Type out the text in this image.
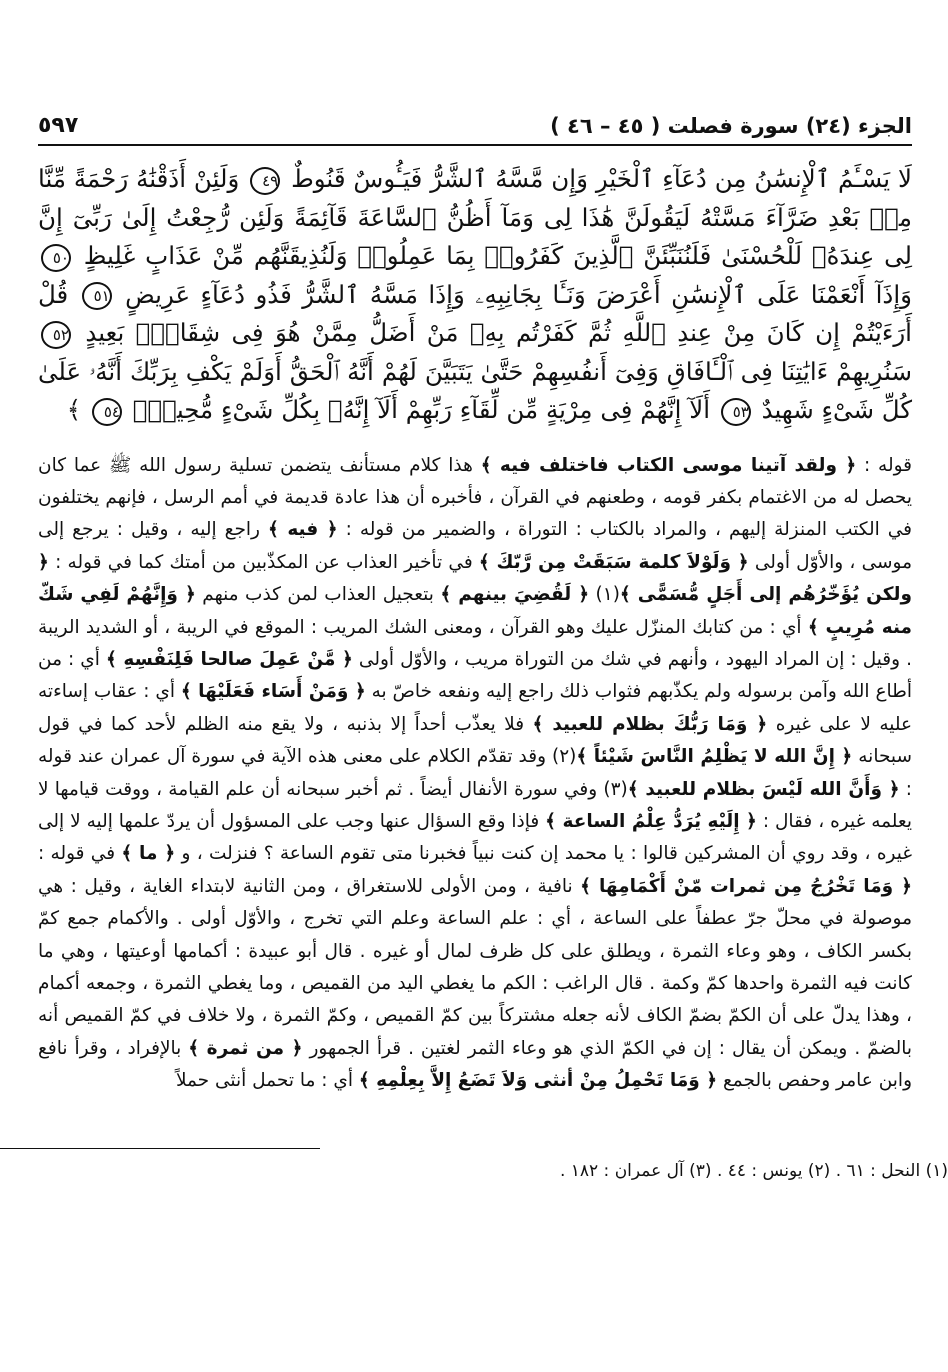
الجزء (٢٤) سورة فصلت ( ٤٥ – ٤٦ )
٥٩٧
لَا يَسْـَٔمُ ٱلْإِنسَٰنُ مِن دُعَآءِ ٱلْخَيْرِ وَإِن مَّسَّهُ ٱلشَّرُّ فَيَـُٔوسٌ قَنُوطٌ ٤٩ وَلَئِنْ أَذَقْنَٰهُ رَحْمَةً مِّنَّا مِنۢ بَعْدِ ضَرَّآءَ مَسَّتْهُ لَيَقُولَنَّ هَٰذَا لِى وَمَآ أَظُنُّ ٱلسَّاعَةَ قَآئِمَةً وَلَئِن رُّجِعْتُ إِلَىٰ رَبِّىٓ إِنَّ لِى عِندَهُۥ لَلْحُسْنَىٰ فَلَنُنَبِّئَنَّ ٱلَّذِينَ كَفَرُوا۟ بِمَا عَمِلُوا۟ وَلَنُذِيقَنَّهُم مِّنْ عَذَابٍ غَلِيظٍ ٥٠ وَإِذَآ أَنْعَمْنَا عَلَى ٱلْإِنسَٰنِ أَعْرَضَ وَنَـَٔا بِجَانِبِهِۦ وَإِذَا مَسَّهُ ٱلشَّرُّ فَذُو دُعَآءٍ عَرِيضٍ ٥١ قُلْ أَرَءَيْتُمْ إِن كَانَ مِنْ عِندِ ٱللَّهِ ثُمَّ كَفَرْتُم بِهِۦ مَنْ أَضَلُّ مِمَّنْ هُوَ فِى شِقَاقٍۭ بَعِيدٍ ٥٢ سَنُرِيهِمْ ءَايَٰتِنَا فِى ٱلْـَٔافَاقِ وَفِىٓ أَنفُسِهِمْ حَتَّىٰ يَتَبَيَّنَ لَهُمْ أَنَّهُ ٱلْحَقُّ أَوَلَمْ يَكْفِ بِرَبِّكَ أَنَّهُۥ عَلَىٰ كُلِّ شَىْءٍ شَهِيدٌ ٥٣ أَلَآ إِنَّهُمْ فِى مِرْيَةٍ مِّن لِّقَآءِ رَبِّهِمْ أَلَآ إِنَّهُۥ بِكُلِّ شَىْءٍ مُّحِيطٌۢ ٥٤ ﴾

قوله : ﴿ ولقد آتينا موسى الكتاب فاختلف فيه ﴾ هذا كلام مستأنف يتضمن تسلية رسول الله ﷺ عما كان يحصل له من الاغتمام بكفر قومه ، وطعنهم في القرآن ، فأخبره أن هذا عادة قديمة في أمم الرسل ، فإنهم يختلفون في الكتب المنزلة إليهم ، والمراد بالكتاب : التوراة ، والضمير من قوله : ﴿ فيه ﴾ راجع إليه ، وقيل : يرجع إلى موسى ، والأوّل أولى ﴿ وَلَوْلاَ كلمة سَبَقَتْ مِن رَّبّكَ ﴾ في تأخير العذاب عن المكذّبين من أمتك كما في قوله : ﴿ ولكن يُؤَخّرُهُم إلى أَجَلٍ مُّسَمًّى ﴾(١) ﴿ لَقُضِيَ بينهم ﴾ بتعجيل العذاب لمن كذب منهم ﴿ وَإِنَّهُمْ لَفِي شَكّ منه مُرِيبٍ ﴾ أي : من كتابك المنزّل عليك وهو القرآن ، ومعنى الشك المريب : الموقع في الريبة ، أو الشديد الريبة . وقيل : إن المراد اليهود ، وأنهم في شك من التوراة مريب ، والأوّل أولى ﴿ مَّنْ عَمِلَ صالحا فَلِنَفْسِهِ ﴾ أي : من أطاع الله وآمن برسوله ولم يكذّبهم فثواب ذلك راجع إليه ونفعه خاصّ به ﴿ وَمَنْ أَسَاء فَعَلَيْهَا ﴾ أي : عقاب إساءته عليه لا على غيره ﴿ وَمَا رَبُّكَ بظلام للعبيد ﴾ فلا يعذّب أحداً إلا بذنبه ، ولا يقع منه الظلم لأحد كما في قول سبحانه ﴿ إِنَّ الله لا يَظْلِمُ النَّاسَ شَيْئاً ﴾(٢) وقد تقدّم الكلام على معنى هذه الآية في سورة آل عمران عند قوله : ﴿ وَأَنَّ الله لَيْسَ بظلام للعبيد ﴾(٣) وفي سورة الأنفال أيضاً . ثم أخبر سبحانه أن علم القيامة ، ووقت قيامها لا يعلمه غيره ، فقال : ﴿ إِلَيْهِ يُرَدُّ عِلْمُ الساعة ﴾ فإذا وقع السؤال عنها وجب على المسؤول أن يردّ علمها إليه لا إلى غيره ، وقد روي أن المشركين قالوا : يا محمد إن كنت نبياً فخبرنا متى تقوم الساعة ؟ فنزلت ، و ﴿ ما ﴾ في قوله : ﴿ وَمَا تَخْرُجُ مِن ثمرات مّنْ أَكْمَامِهَا ﴾ نافية ، ومن الأولى للاستغراق ، ومن الثانية لابتداء الغاية ، وقيل : هي موصولة في محلّ جرّ عطفاً على الساعة ، أي : علم الساعة وعلم التي تخرج ، والأوّل أولى . والأكمام جمع كمّ بكسر الكاف ، وهو وعاء الثمرة ، ويطلق على كل ظرف لمال أو غيره . قال أبو عبيدة : أكمامها أوعيتها ، وهي ما كانت فيه الثمرة واحدها كمّ وكمة . قال الراغب : الكم ما يغطي اليد من القميص ، وما يغطي الثمرة ، وجمعه أكمام ، وهذا يدلّ على أن الكمّ بضمّ الكاف لأنه جعله مشتركاً بين كمّ القميص ، وكمّ الثمرة ، ولا خلاف في كمّ القميص أنه بالضمّ . ويمكن أن يقال : إن في الكمّ الذي هو وعاء الثمر لغتين . قرأ الجمهور ﴿ من ثمرة ﴾ بالإفراد ، وقرأ نافع وابن عامر وحفص بالجمع ﴿ وَمَا تَحْمِلُ مِنْ أنثى وَلاَ تَضَعُ إِلاَّ بِعِلْمِهِ ﴾ أي : ما تحمل أنثى حملاً

(١) النحل : ٦١ . (٢) يونس : ٤٤ . (٣) آل عمران : ١٨٢ .
